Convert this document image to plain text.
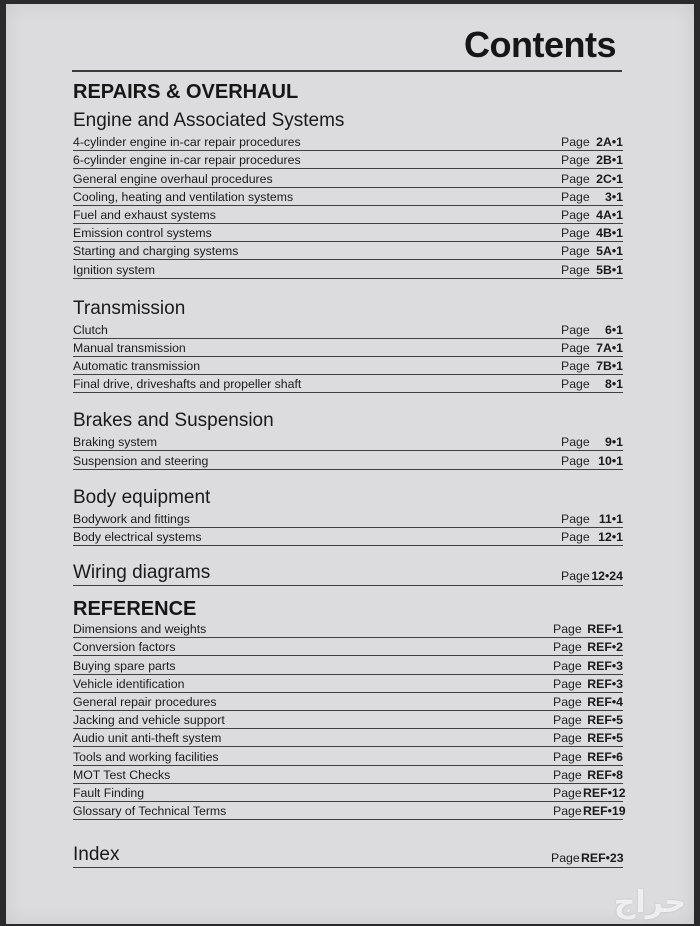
Contents
REPAIRS & OVERHAUL
Engine and Associated Systems
4-cylinder engine in-car repair procedures	Page 2A•1
6-cylinder engine in-car repair procedures	Page 2B•1
General engine overhaul procedures	Page 2C•1
Cooling, heating and ventilation systems	Page	3•1
Fuel and exhaust systems	Page 4A•1
Emission control systems	Page 4B•1
Starting and charging systems	Page 5A•1
Ignition system	Page 5B•1
Transmission
Clutch	Page	6•1
Manual transmission	Page 7A•1
Automatic transmission	Page 7B•1
Final drive, driveshafts and propeller shaft	Page	8•1
Brakes and Suspension
Braking system	Page	9•1
Suspension and steering	Page 10•1
Body equipment
Bodywork and fittings	Page 11•1
Body electrical systems	Page 12•1
Wiring diagrams	Page 12•24
REFERENCE
Dimensions and weights	Page REF•1
Conversion factors	Page REF•2
Buying spare parts	Page REF•3
Vehicle identification	Page REF•3
General repair procedures	Page REF•4
Jacking and vehicle support	Page REF•5
Audio unit anti-theft system	Page REF•5
Tools and working facilities	Page REF•6
MOT Test Checks	Page REF•8
Fault Finding	Page REF•12
Glossary of Technical Terms	Page REF•19
Index	Page REF•23
حراج
